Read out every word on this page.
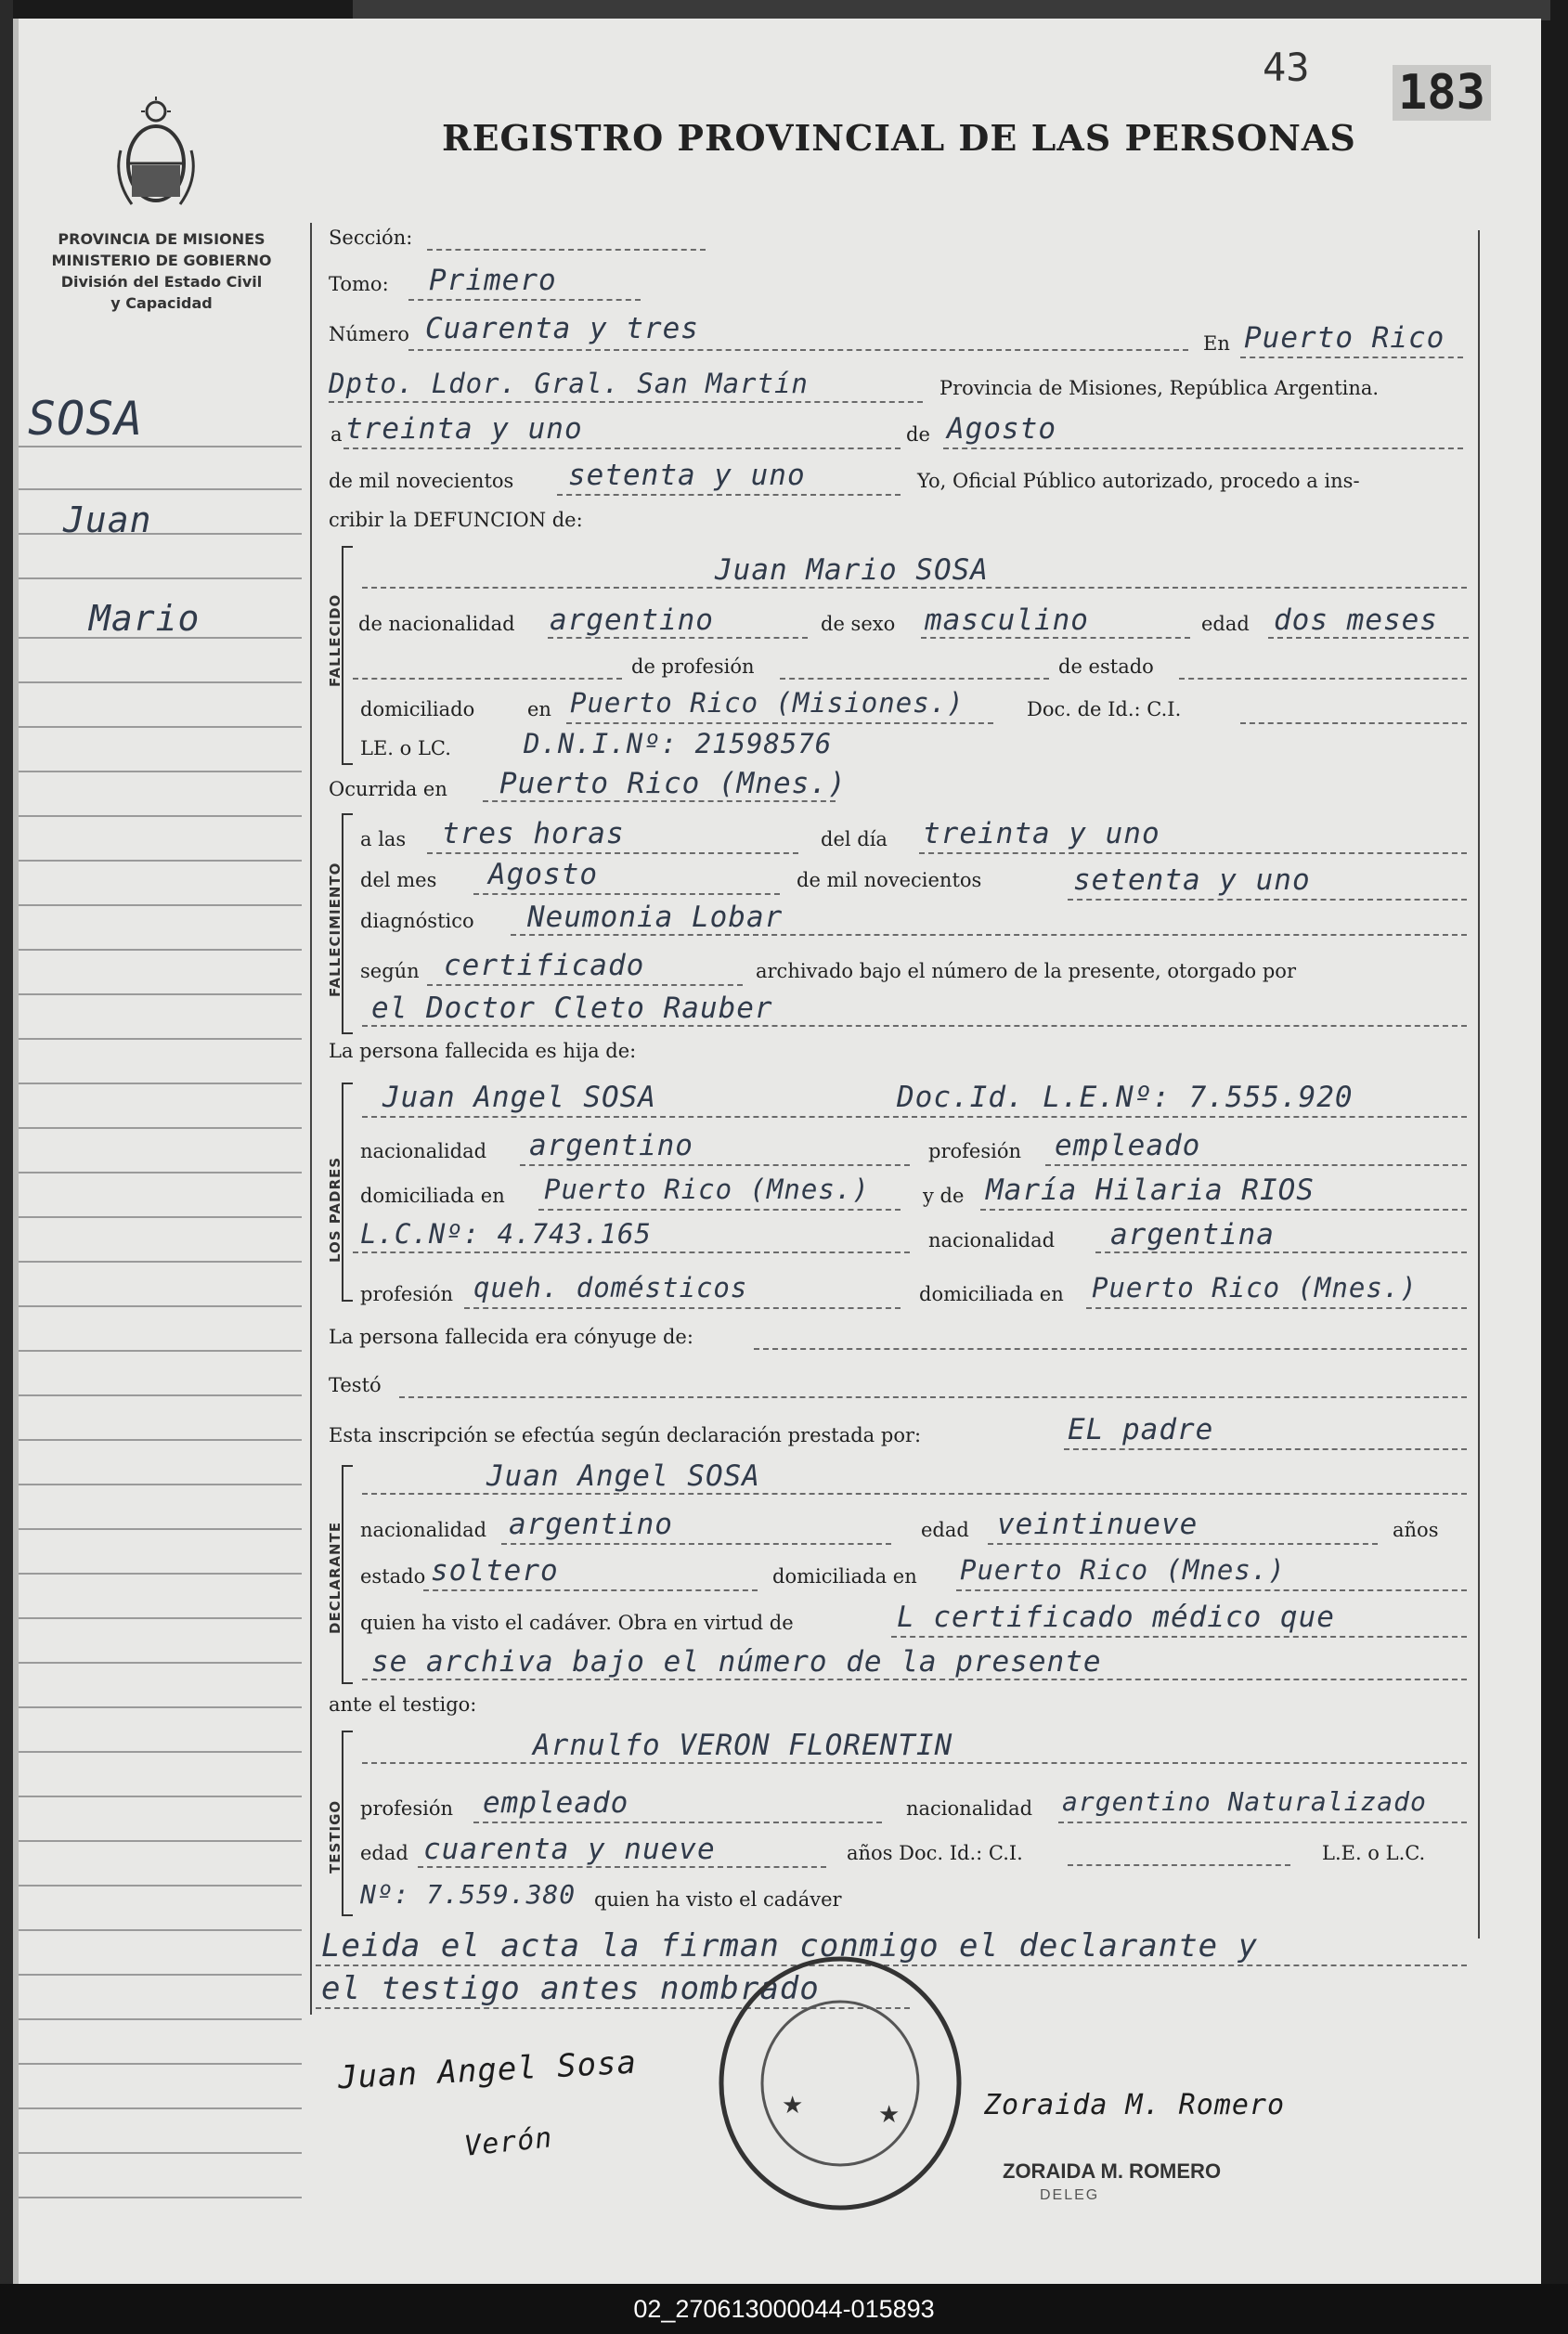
43 183
REGISTRO PROVINCIAL DE LAS PERSONAS
PROVINCIA DE MISIONES
MINISTERIO DE GOBIERNO
División del Estado Civil
y Capacidad
SOSA
Juan
Mario
Sección:
Tomo: Primero
Número Cuarenta y tres	En Puerto Rico
Dpto. Ldor. Gral. San Martín	Provincia de Misiones, República Argentina.
a treinta y uno	de Agosto
de mil novecientos setenta y uno	Yo, Oficial Público autorizado, procedo a ins-
cribir la DEFUNCION de:
FALLECIDO
Juan Mario SOSA
de nacionalidad argentino	de sexo masculino	edad dos meses
de profesión	de estado
domiciliado	en Puerto Rico (Misiones.)	Doc. de Id.: C.I.
LE. o LC.	D.N.I.Nº: 21598576
Ocurrida en Puerto Rico (Mnes.)
FALLECIMIENTO
a las tres horas	del día treinta y uno
del mes Agosto	de mil novecientos	setenta y uno
diagnóstico Neumonia Lobar
según certificado	archivado bajo el número de la presente, otorgado por
el Doctor Cleto Rauber
La persona fallecida es hija de:
LOS PADRES
Juan Angel SOSA	Doc.Id. L.E.Nº: 7.555.920
nacionalidad argentino	profesión empleado
domiciliada en Puerto Rico (Mnes.)	y de María Hilaria RIOS
L.C.Nº: 4.743.165	nacionalidad argentina
profesión queh. domésticos	domiciliada en Puerto Rico (Mnes.)
La persona fallecida era cónyuge de:
Testó
Esta inscripción se efectúa según declaración prestada por:	EL padre
DECLARANTE
Juan Angel SOSA
nacionalidad argentino	edad veintinueve	años
estado soltero	domiciliada en Puerto Rico (Mnes.)
quien ha visto el cadáver. Obra en virtud de	L certificado médico que
se archiva bajo el número de la presente
ante el testigo:
TESTIGO
Arnulfo VERON FLORENTIN
profesión empleado	nacionalidad argentino Naturalizado
edad cuarenta y nueve	años Doc. Id.: C.I.	L.E. o L.C.
Nº: 7.559.380 quien ha visto el cadáver
Leida el acta la firman conmigo el declarante y
el testigo antes nombrado
Juan Angel Sosa
Verón
Zoraida M. Romero
★	★
ZORAIDA M. ROMERO
DELEG
02_270613000044-015893
